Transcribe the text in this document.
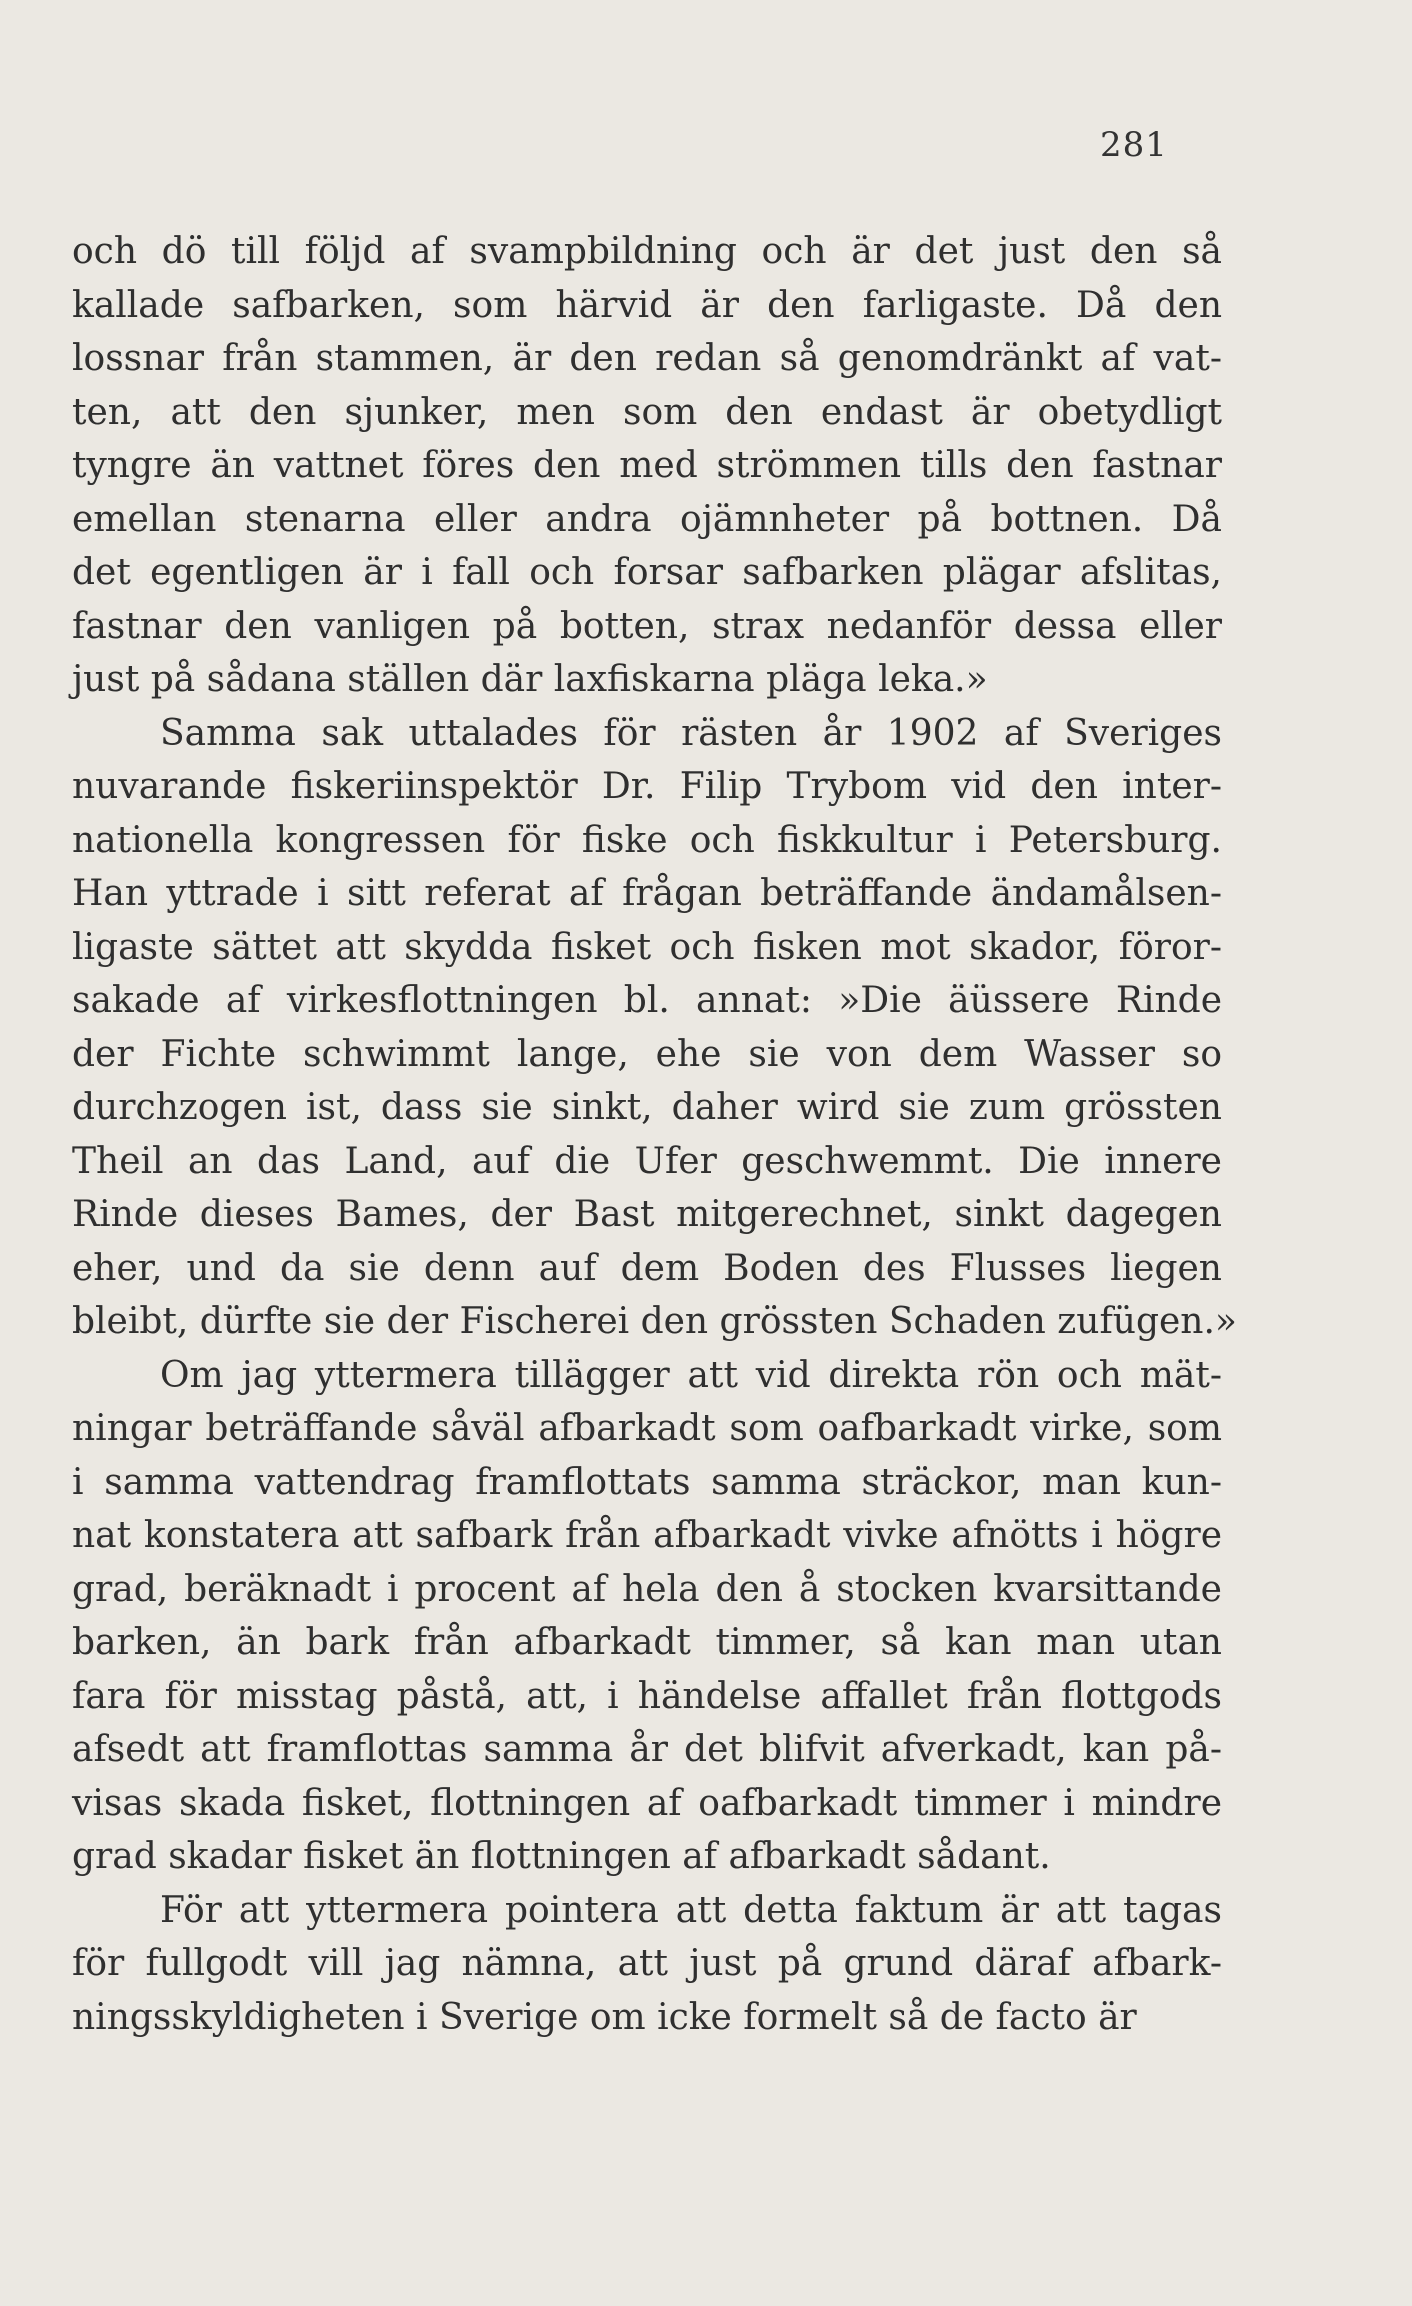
281
och dö till följd af svampbildning och är det just den så
kallade safbarken, som härvid är den farligaste. Då den
lossnar från stammen, är den redan så genomdränkt af vat-
ten, att den sjunker, men som den endast är obetydligt
tyngre än vattnet föres den med strömmen tills den fastnar
emellan stenarna eller andra ojämnheter på bottnen. Då
det egentligen är i fall och forsar safbarken plägar afslitas,
fastnar den vanligen på botten, strax nedanför dessa eller
just på sådana ställen där laxfiskarna pläga leka.»
Samma sak uttalades för rästen år 1902 af Sveriges
nuvarande fiskeriinspektör Dr. Filip Trybom vid den inter-
nationella kongressen för fiske och fiskkultur i Petersburg.
Han yttrade i sitt referat af frågan beträffande ändamålsen-
ligaste sättet att skydda fisket och fisken mot skador, föror-
sakade af virkesflottningen bl. annat: »Die äüssere Rinde
der Fichte schwimmt lange, ehe sie von dem Wasser so
durchzogen ist, dass sie sinkt, daher wird sie zum grössten
Theil an das Land, auf die Ufer geschwemmt. Die innere
Rinde dieses Bames, der Bast mitgerechnet, sinkt dagegen
eher, und da sie denn auf dem Boden des Flusses liegen
bleibt, dürfte sie der Fischerei den grössten Schaden zufügen.»
Om jag yttermera tillägger att vid direkta rön och mät-
ningar beträffande såväl afbarkadt som oafbarkadt virke, som
i samma vattendrag framflottats samma sträckor, man kun-
nat konstatera att safbark från afbarkadt vivke afnötts i högre
grad, beräknadt i procent af hela den å stocken kvarsittande
barken, än bark från afbarkadt timmer, så kan man utan
fara för misstag påstå, att, i händelse affallet från flottgods
afsedt att framflottas samma år det blifvit afverkadt, kan på-
visas skada fisket, flottningen af oafbarkadt timmer i mindre
grad skadar fisket än flottningen af afbarkadt sådant.
För att yttermera pointera att detta faktum är att tagas
för fullgodt vill jag nämna, att just på grund däraf afbark-
ningsskyldigheten i Sverige om icke formelt så de facto är
